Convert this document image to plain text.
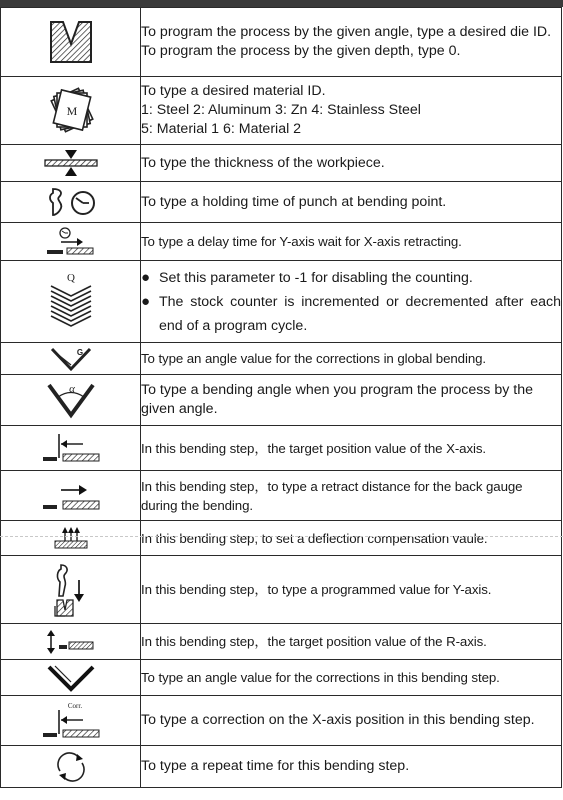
To program the process by the given angle, type a desired die ID.
To program the process by the given depth, type 0.

M	To type a desired material ID.
1: Steel 2: Aluminum 3: Zn 4: Stainless Steel
5: Material 1 6: Material 2

To type the thickness of the workpiece.

To type a holding time of punch at bending point.

To type a delay time for Y-axis wait for X-axis retracting.

Q	● Set this parameter to -1 for disabling the counting.
● The stock counter is incremented or decremented after each end of a program cycle.

G	To type an angle value for the corrections in global bending.

α	To type a bending angle when you program the process by the given angle.

In this bending step，the target position value of the X-axis.

In this bending step，to type a retract distance for the back gauge during the bending.

In this bending step, to set a deflection compensation vaule.

In this bending step，to type a programmed value for Y-axis.

In this bending step，the target position value of the R-axis.

To type an angle value for the corrections in this bending step.

Corr.	To type a correction on the X-axis position in this bending step.

To type a repeat time for this bending step.
